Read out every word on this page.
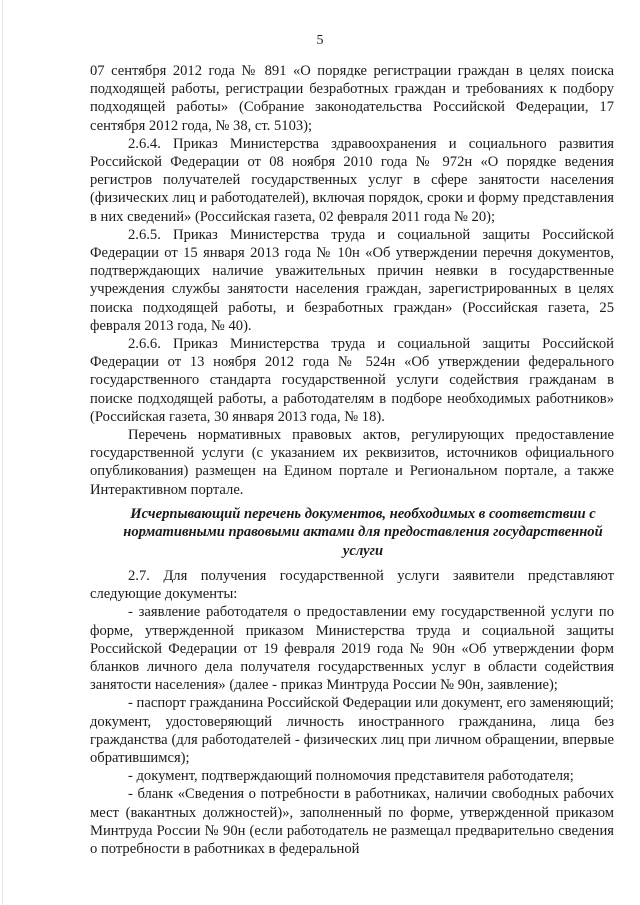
5

07 сентября 2012 года № 891 «О порядке регистрации граждан в целях поиска подходящей работы, регистрации безработных граждан и требованиях к подбору подходящей работы» (Собрание законодательства Российской Федерации, 17 сентября 2012 года, № 38, ст. 5103);

2.6.4. Приказ Министерства здравоохранения и социального развития Российской Федерации от 08 ноября 2010 года № 972н «О порядке ведения регистров получателей государственных услуг в сфере занятости населения (физических лиц и работодателей), включая порядок, сроки и форму представления в них сведений» (Российская газета, 02 февраля 2011 года № 20);

2.6.5. Приказ Министерства труда и социальной защиты Российской Федерации от 15 января 2013 года № 10н «Об утверждении перечня документов, подтверждающих наличие уважительных причин неявки в государственные учреждения службы занятости населения граждан, зарегистрированных в целях поиска подходящей работы, и безработных граждан» (Российская газета, 25 февраля 2013 года, № 40).

2.6.6. Приказ Министерства труда и социальной защиты Российской Федерации от 13 ноября 2012 года № 524н «Об утверждении федерального государственного стандарта государственной услуги содействия гражданам в поиске подходящей работы, а работодателям в подборе необходимых работников» (Российская газета, 30 января 2013 года, № 18).

Перечень нормативных правовых актов, регулирующих предоставление государственной услуги (с указанием их реквизитов, источников официального опубликования) размещен на Едином портале и Региональном портале, а также Интерактивном портале.

Исчерпывающий перечень документов, необходимых в соответствии с нормативными правовыми актами для предоставления государственной услуги

2.7. Для получения государственной услуги заявители представляют следующие документы:

- заявление работодателя о предоставлении ему государственной услуги по форме, утвержденной приказом Министерства труда и социальной защиты Российской Федерации от 19 февраля 2019 года № 90н «Об утверждении форм бланков личного дела получателя государственных услуг в области содействия занятости населения» (далее - приказ Минтруда России № 90н, заявление);

- паспорт гражданина Российской Федерации или документ, его заменяющий; документ, удостоверяющий личность иностранного гражданина, лица без гражданства (для работодателей - физических лиц при личном обращении, впервые обратившимся);

- документ, подтверждающий полномочия представителя работодателя;

- бланк «Сведения о потребности в работниках, наличии свободных рабочих мест (вакантных должностей)», заполненный по форме, утвержденной приказом Минтруда России № 90н (если работодатель не размещал предварительно сведения о потребности в работниках в федеральной
